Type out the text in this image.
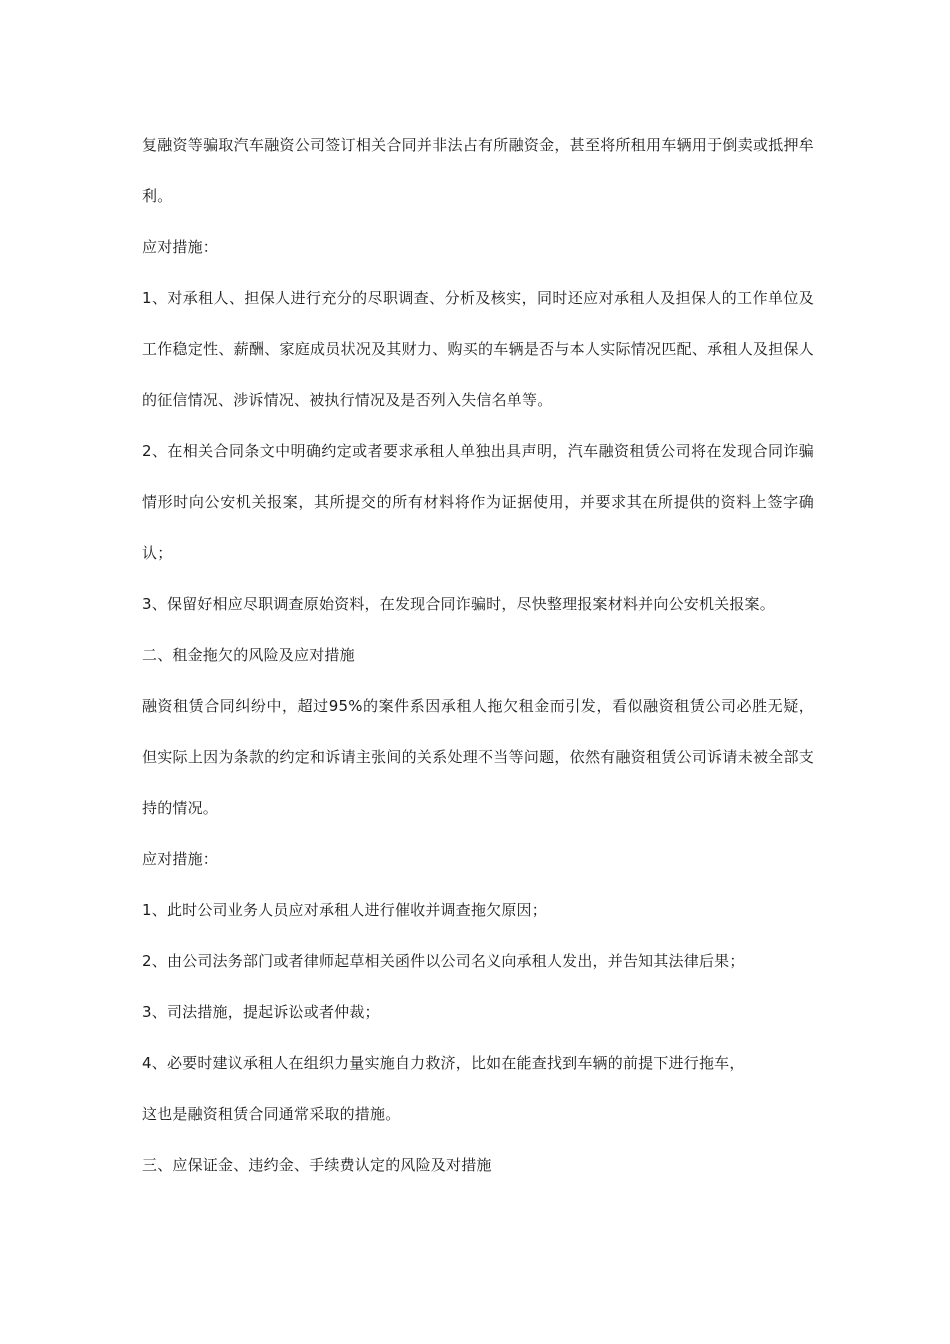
复融资等骗取汽车融资公司签订相关合同并非法占有所融资金，甚至将所租用车辆用于倒卖或抵押牟利。

应对措施：

1、对承租人、担保人进行充分的尽职调查、分析及核实，同时还应对承租人及担保人的工作单位及工作稳定性、薪酬、家庭成员状况及其财力、购买的车辆是否与本人实际情况匹配、承租人及担保人的征信情况、涉诉情况、被执行情况及是否列入失信名单等。

2、在相关合同条文中明确约定或者要求承租人单独出具声明，汽车融资租赁公司将在发现合同诈骗情形时向公安机关报案，其所提交的所有材料将作为证据使用，并要求其在所提供的资料上签字确认；

3、保留好相应尽职调查原始资料，在发现合同诈骗时，尽快整理报案材料并向公安机关报案。

二、租金拖欠的风险及应对措施

融资租赁合同纠纷中，超过95%的案件系因承租人拖欠租金而引发，看似融资租赁公司必胜无疑，但实际上因为条款的约定和诉请主张间的关系处理不当等问题，依然有融资租赁公司诉请未被全部支持的情况。

应对措施：

1、此时公司业务人员应对承租人进行催收并调查拖欠原因；

2、由公司法务部门或者律师起草相关函件以公司名义向承租人发出，并告知其法律后果；

3、司法措施，提起诉讼或者仲裁；

4、必要时建议承租人在组织力量实施自力救济，比如在能查找到车辆的前提下进行拖车，

这也是融资租赁合同通常采取的措施。

三、应保证金、违约金、手续费认定的风险及对措施
